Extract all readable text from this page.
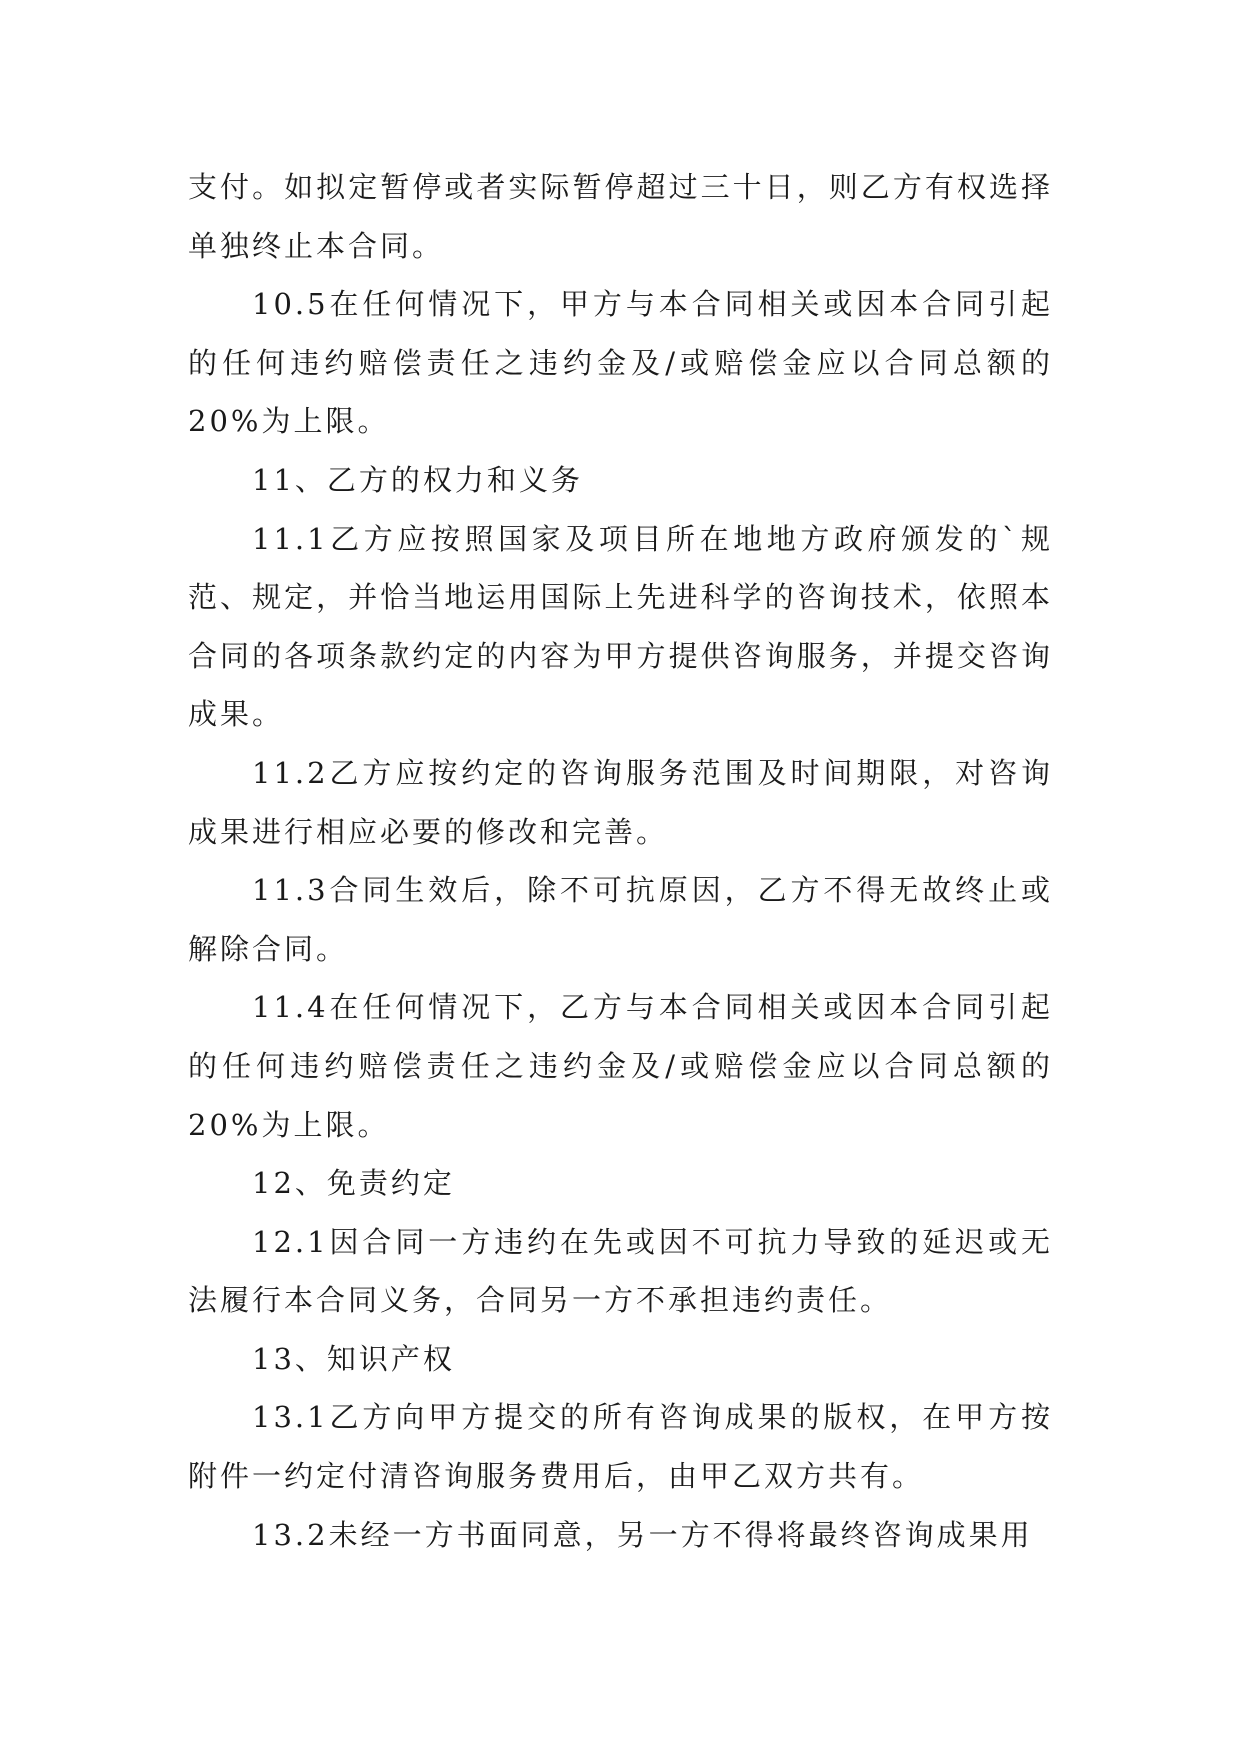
支付。如拟定暂停或者实际暂停超过三十日，则乙方有权选择单独终止本合同。

10.5在任何情况下，甲方与本合同相关或因本合同引起的任何违约赔偿责任之违约金及/或赔偿金应以合同总额的20%为上限。

11、乙方的权力和义务

11.1乙方应按照国家及项目所在地地方政府颁发的`规范、规定，并恰当地运用国际上先进科学的咨询技术，依照本合同的各项条款约定的内容为甲方提供咨询服务，并提交咨询成果。

11.2乙方应按约定的咨询服务范围及时间期限，对咨询成果进行相应必要的修改和完善。

11.3合同生效后，除不可抗原因，乙方不得无故终止或解除合同。

11.4在任何情况下，乙方与本合同相关或因本合同引起的任何违约赔偿责任之违约金及/或赔偿金应以合同总额的20%为上限。

12、免责约定

12.1因合同一方违约在先或因不可抗力导致的延迟或无法履行本合同义务，合同另一方不承担违约责任。

13、知识产权

13.1乙方向甲方提交的所有咨询成果的版权，在甲方按附件一约定付清咨询服务费用后，由甲乙双方共有。

13.2未经一方书面同意，另一方不得将最终咨询成果用
